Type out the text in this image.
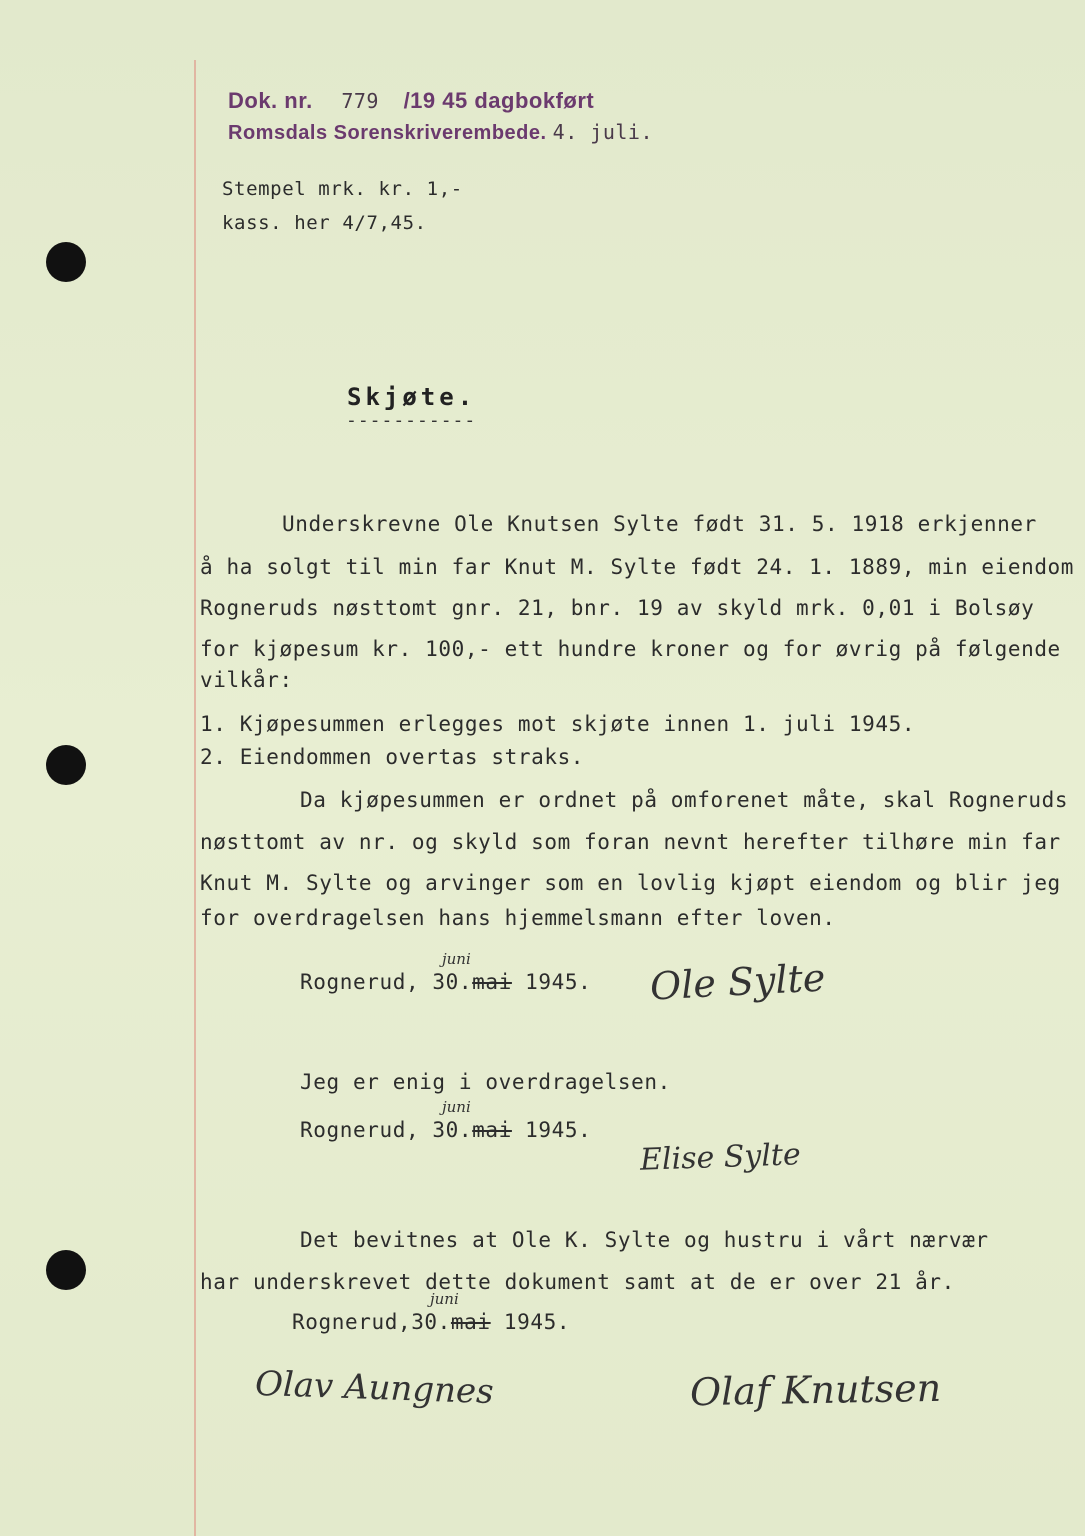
Dok. nr. 779 /19 45 dagbokført
Romsdals Sorenskriverembede. 4. juli.
Stempel mrk. kr. 1,-
kass. her 4/7,45.
Skjøte.
-----------
Underskrevne Ole Knutsen Sylte født 31. 5. 1918 erkjenner
å ha solgt til min far Knut M. Sylte født 24. 1. 1889, min eiendom
Rogneruds nøsttomt gnr. 21, bnr. 19 av skyld mrk. 0,01 i Bolsøy
for kjøpesum kr. 100,- ett hundre kroner og for øvrig på følgende
vilkår:
1. Kjøpesummen erlegges mot skjøte innen 1. juli 1945.
2. Eiendommen overtas straks.
Da kjøpesummen er ordnet på omforenet måte, skal Rogneruds
nøsttomt av nr. og skyld som foran nevnt herefter tilhøre min far
Knut M. Sylte og arvinger som en lovlig kjøpt eiendom og blir jeg
for overdragelsen hans hjemmelsmann efter loven.
Rognerud, 30.mai 1945.
juni	Ole Sylte
Jeg er enig i overdragelsen.
Rognerud, 30.mai 1945.
juni
Elise Sylte
Det bevitnes at Ole K. Sylte og hustru i vårt nærvær
har underskrevet dette dokument samt at de er over 21 år.
Rognerud,30.mai 1945.
juni
Olav Aungnes	Olaf Knutsen
